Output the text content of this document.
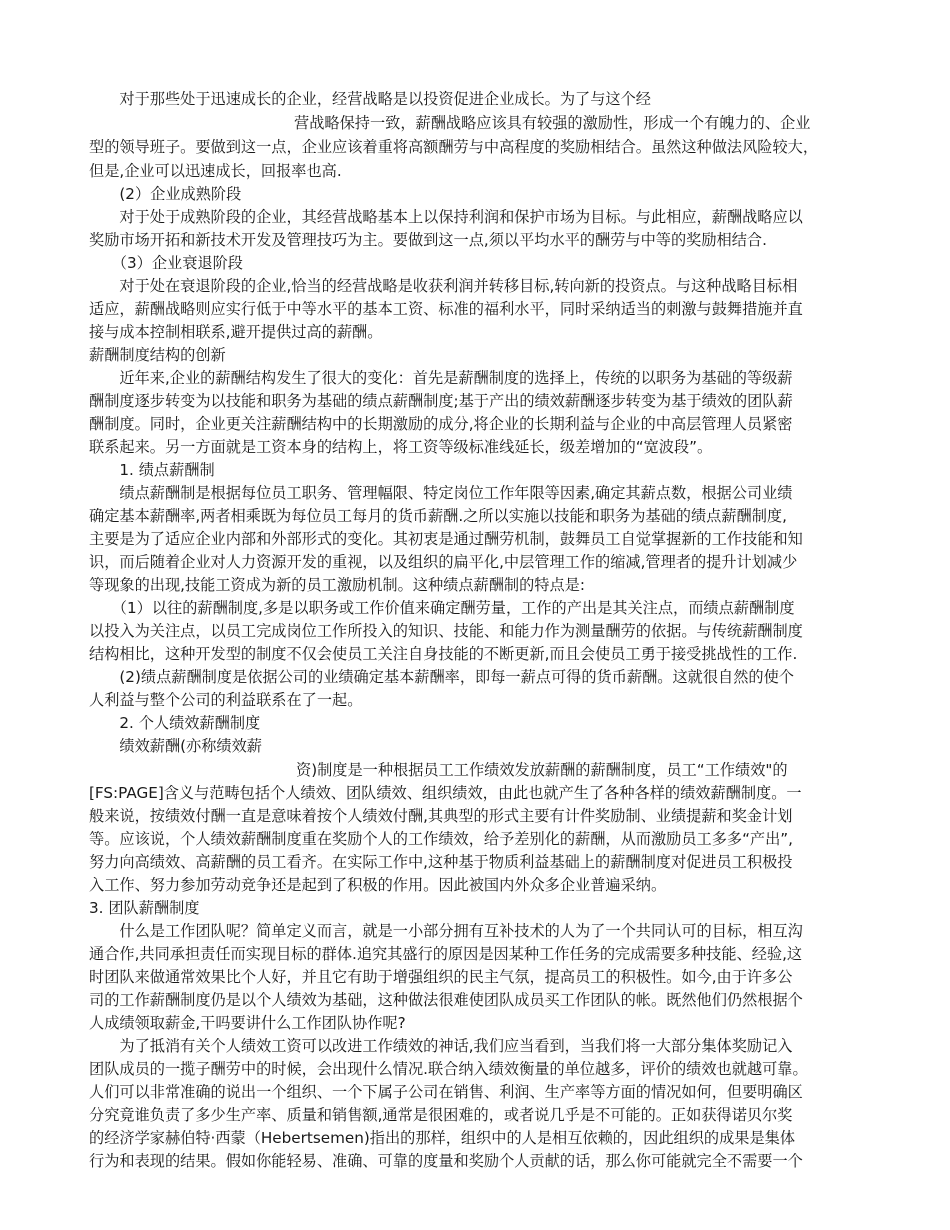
　　对于那些处于迅速成长的企业，经营战略是以投资促进企业成长。为了与这个经
营战略保持一致，薪酬战略应该具有较强的激励性，形成一个有魄力的、企业
型的领导班子。要做到这一点，企业应该着重将高额酬劳与中高程度的奖励相结合。虽然这种做法风险较大，
但是,企业可以迅速成长，回报率也高.
　　(2）企业成熟阶段
　　对于处于成熟阶段的企业，其经营战略基本上以保持利润和保护市场为目标。与此相应，薪酬战略应以
奖励市场开拓和新技术开发及管理技巧为主。要做到这一点,须以平均水平的酬劳与中等的奖励相结合.
　　（3）企业衰退阶段
　　对于处在衰退阶段的企业,恰当的经营战略是收获利润并转移目标,转向新的投资点。与这种战略目标相
适应，薪酬战略则应实行低于中等水平的基本工资、标准的福利水平，同时采纳适当的刺激与鼓舞措施并直
接与成本控制相联系,避开提供过高的薪酬。
薪酬制度结构的创新
　　近年来,企业的薪酬结构发生了很大的变化：首先是薪酬制度的选择上，传统的以职务为基础的等级薪
酬制度逐步转变为以技能和职务为基础的绩点薪酬制度;基于产出的绩效薪酬逐步转变为基于绩效的团队薪
酬制度。同时，企业更关注薪酬结构中的长期激励的成分,将企业的长期利益与企业的中高层管理人员紧密
联系起来。另一方面就是工资本身的结构上，将工资等级标准线延长，级差增加的“宽波段”。
　　1. 绩点薪酬制
　　绩点薪酬制是根据每位员工职务、管理幅限、特定岗位工作年限等因素,确定其薪点数，根据公司业绩
确定基本薪酬率,两者相乘既为每位员工每月的货币薪酬.之所以实施以技能和职务为基础的绩点薪酬制度,
主要是为了适应企业内部和外部形式的变化。其初衷是通过酬劳机制，鼓舞员工自觉掌握新的工作技能和知
识，而后随着企业对人力资源开发的重视，以及组织的扁平化,中层管理工作的缩减,管理者的提升计划减少
等现象的出现,技能工资成为新的员工激励机制。这种绩点薪酬制的特点是:
　　（1）以往的薪酬制度,多是以职务或工作价值来确定酬劳量，工作的产出是其关注点，而绩点薪酬制度
以投入为关注点，以员工完成岗位工作所投入的知识、技能、和能力作为测量酬劳的依据。与传统薪酬制度
结构相比，这种开发型的制度不仅会使员工关注自身技能的不断更新,而且会使员工勇于接受挑战性的工作.
　　(2)绩点薪酬制度是依据公司的业绩确定基本薪酬率，即每一薪点可得的货币薪酬。这就很自然的使个
人利益与整个公司的利益联系在了一起。
　　2. 个人绩效薪酬制度
　　绩效薪酬(亦称绩效薪
资)制度是一种根据员工工作绩效发放薪酬的薪酬制度，员工“工作绩效"的
[FS:PAGE]含义与范畴包括个人绩效、团队绩效、组织绩效，由此也就产生了各种各样的绩效薪酬制度。一
般来说，按绩效付酬一直是意味着按个人绩效付酬,其典型的形式主要有计件奖励制、业绩提薪和奖金计划
等。应该说，个人绩效薪酬制度重在奖励个人的工作绩效，给予差别化的薪酬，从而激励员工多多“产出”,
努力向高绩效、高薪酬的员工看齐。在实际工作中,这种基于物质利益基础上的薪酬制度对促进员工积极投
入工作、努力参加劳动竞争还是起到了积极的作用。因此被国内外众多企业普遍采纳。
3. 团队薪酬制度
　　什么是工作团队呢？简单定义而言，就是一小部分拥有互补技术的人为了一个共同认可的目标，相互沟
通合作,共同承担责任而实现目标的群体.追究其盛行的原因是因某种工作任务的完成需要多种技能、经验,这
时团队来做通常效果比个人好，并且它有助于增强组织的民主气氛，提高员工的积极性。如今,由于许多公
司的工作薪酬制度仍是以个人绩效为基础，这种做法很难使团队成员买工作团队的帐。既然他们仍然根据个
人成绩领取薪金,干吗要讲什么工作团队协作呢?
　　为了抵消有关个人绩效工资可以改进工作绩效的神话,我们应当看到，当我们将一大部分集体奖励记入
团队成员的一揽子酬劳中的时候，会出现什么情况.联合纳入绩效衡量的单位越多，评价的绩效也就越可靠。
人们可以非常准确的说出一个组织、一个下属子公司在销售、利润、生产率等方面的情况如何，但要明确区
分究竟谁负责了多少生产率、质量和销售额,通常是很困难的，或者说几乎是不可能的。正如获得诺贝尔奖
的经济学家赫伯特·西蒙（Hebertsemen)指出的那样，组织中的人是相互依赖的，因此组织的成果是集体
行为和表现的结果。假如你能轻易、准确、可靠的度量和奖励个人贡献的话，那么你可能就完全不需要一个
